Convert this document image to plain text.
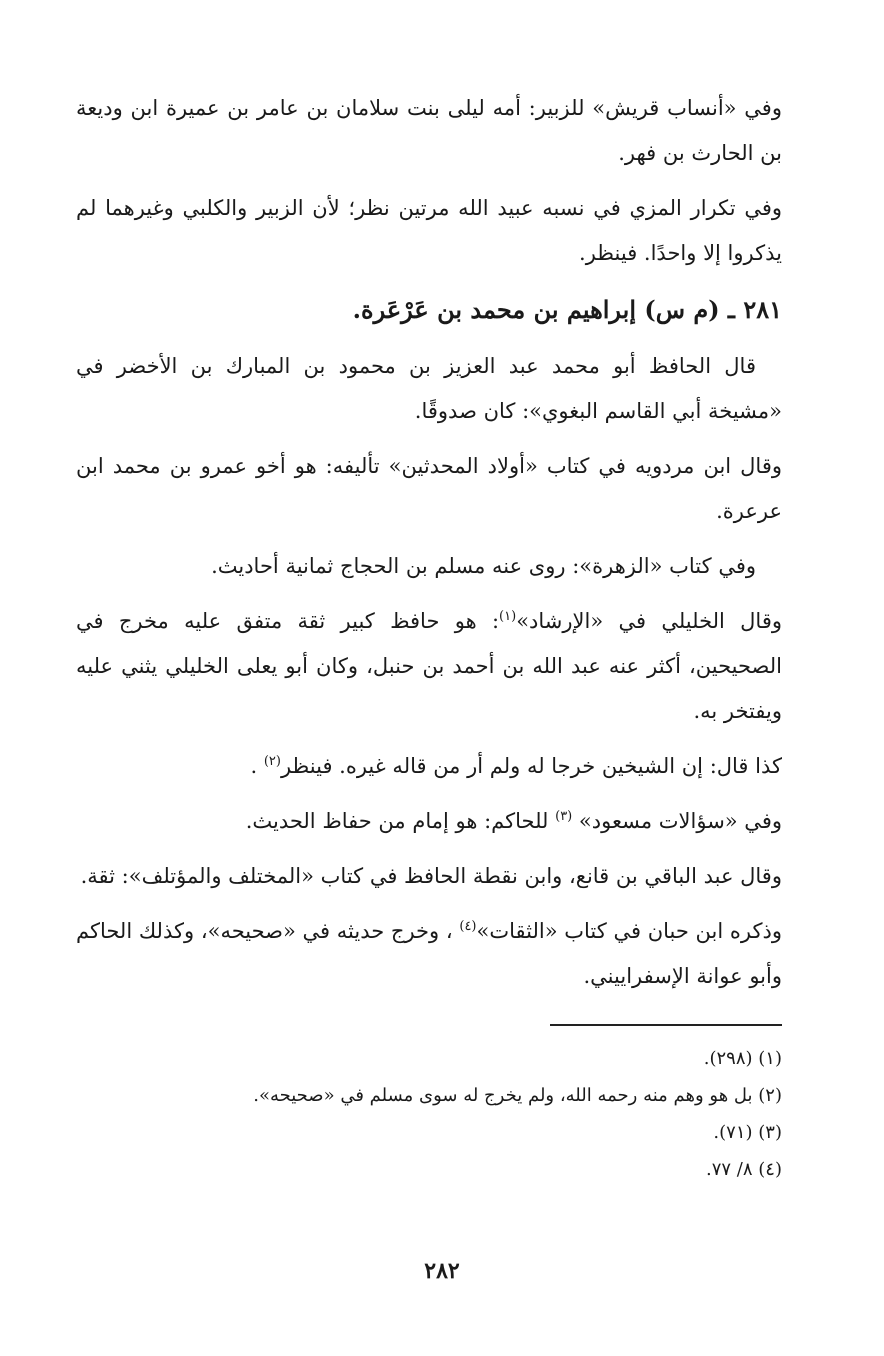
وفي «أنساب قريش» للزبير: أمه ليلى بنت سلامان بن عامر بن عميرة ابن وديعة بن الحارث بن فهر.

وفي تكرار المزي في نسبه عبيد الله مرتين نظر؛ لأن الزبير والكلبي وغيرهما لم يذكروا إلا واحدًا. فينظر.

٢٨١ ـ (م س) إبراهيم بن محمد بن عَرْعَرة.

قال الحافظ أبو محمد عبد العزيز بن محمود بن المبارك بن الأخضر في «مشيخة أبي القاسم البغوي»: كان صدوقًا.

وقال ابن مردويه في كتاب «أولاد المحدثين» تأليفه: هو أخو عمرو بن محمد ابن عرعرة.

وفي كتاب «الزهرة»: روى عنه مسلم بن الحجاج ثمانية أحاديث.

وقال الخليلي في «الإرشاد»$^{(١)}$: هو حافظ كبير ثقة متفق عليه مخرج في الصحيحين، أكثر عنه عبد الله بن أحمد بن حنبل، وكان أبو يعلى الخليلي يثني عليه ويفتخر به.

كذا قال: إن الشيخين خرجا له ولم أر من قاله غيره. فينظر$^{(٢)}$ .

وفي «سؤالات مسعود» $^{(٣)}$ للحاكم: هو إمام من حفاظ الحديث.

وقال عبد الباقي بن قانع، وابن نقطة الحافظ في كتاب «المختلف والمؤتلف»: ثقة.

وذكره ابن حبان في كتاب «الثقات»$^{(٤)}$ ، وخرج حديثه في «صحيحه»، وكذلك الحاكم وأبو عوانة الإسفراييني.

(١) (٢٩٨).

(٢) بل هو وهم منه رحمه الله، ولم يخرج له سوى مسلم في «صحيحه».

(٣) (٧١).

(٤) ٨/ ٧٧.

٢٨٢
